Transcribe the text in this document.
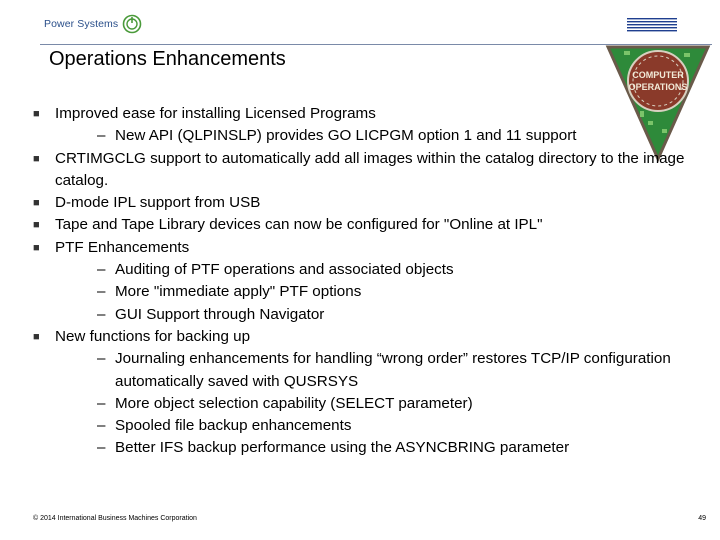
Power Systems
Operations Enhancements
COMPUTER
OPERATIONS
■ Improved ease for installing Licensed Programs
– New API (QLPINSLP) provides GO LICPGM option 1 and 11 support
■ CRTIMGCLG support to automatically add all images within the catalog directory to the image catalog.
■ D-mode IPL support from USB
■ Tape and Tape Library devices can now be configured for "Online at IPL"
■ PTF Enhancements
– Auditing of PTF operations and associated objects
– More "immediate apply" PTF options
– GUI Support through Navigator
■ New functions for backing up
– Journaling enhancements for handling “wrong order” restores TCP/IP configuration automatically saved with QUSRSYS
– More object selection capability (SELECT parameter)
– Spooled file backup enhancements
– Better IFS backup performance using the ASYNCBRING parameter
© 2014 International Business Machines Corporation	49
